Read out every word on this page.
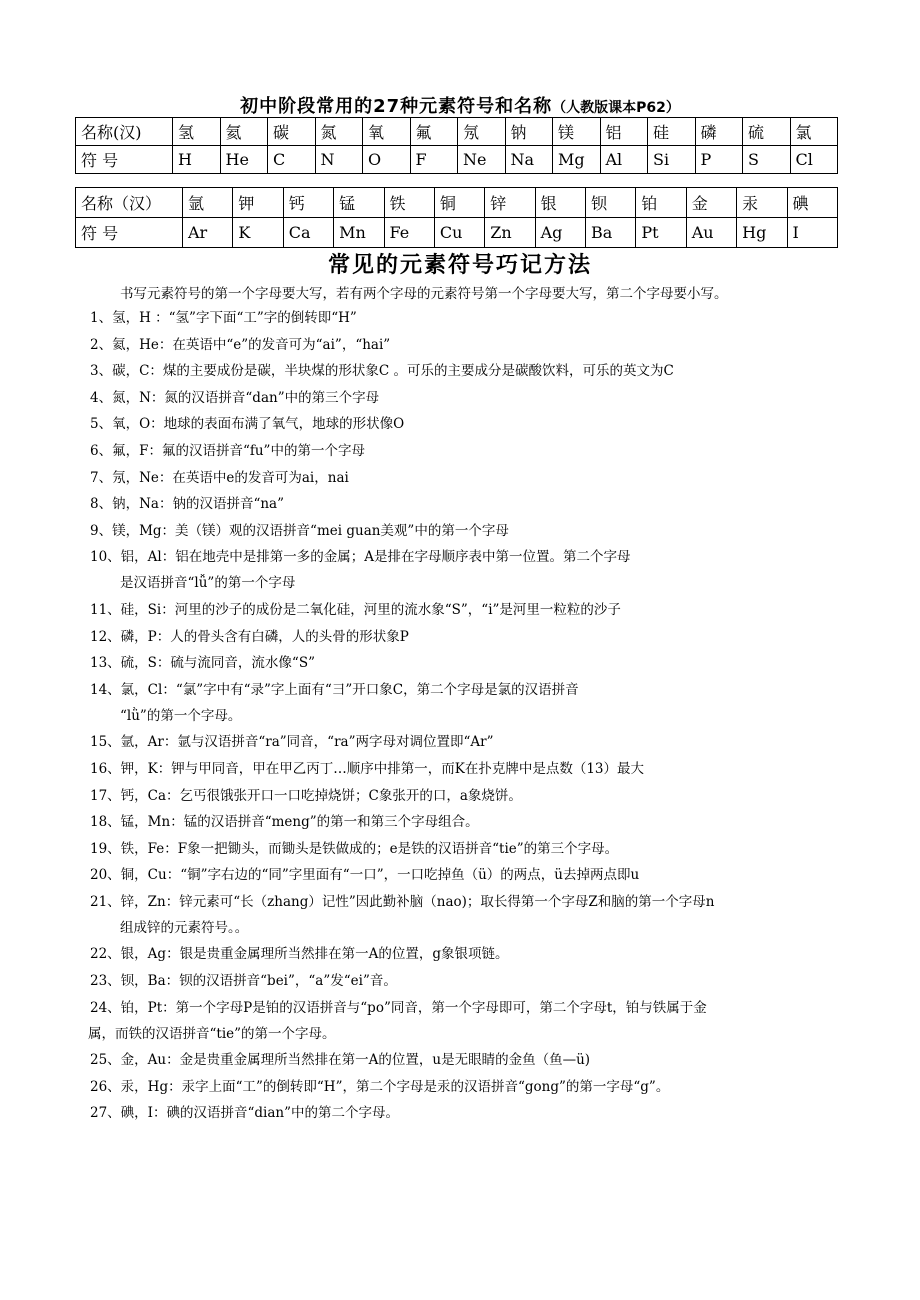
初中阶段常用的27种元素符号和名称（人教版课本P62）
名称(汉)	氢	氦	碳	氮	氧	氟	氖	钠	镁	铝	硅	磷	硫	氯
符 号	H	He	C	N	O	F	Ne	Na	Mg	Al	Si	P	S	Cl
名称（汉）	氩	钾	钙	锰	铁	铜	锌	银	钡	铂	金	汞	碘
符 号	Ar	K	Ca	Mn	Fe	Cu	Zn	Ag	Ba	Pt	Au	Hg	I
常见的元素符号巧记方法
书写元素符号的第一个字母要大写，若有两个字母的元素符号第一个字母要大写，第二个字母要小写。
1、氢，H ：“氢”字下面“工”字的倒转即“H”
2、氦，He：在英语中“e”的发音可为“ai”，“hai”
3、碳，C：煤的主要成份是碳，半块煤的形状象C 。可乐的主要成分是碳酸饮料，可乐的英文为C
4、氮，N：氮的汉语拼音“dan”中的第三个字母
5、氧，O：地球的表面布满了氧气，地球的形状像O
6、氟，F：氟的汉语拼音“fu”中的第一个字母
7、氖，Ne：在英语中e的发音可为ai，nai
8、钠，Na：钠的汉语拼音“na”
9、镁，Mg：美（镁）观的汉语拼音“mei guan美观”中的第一个字母
10、铝，Al：铝在地壳中是排第一多的金属；A是排在字母顺序表中第一位置。第二个字母
是汉语拼音“lǚ”的第一个字母
11、硅，Si：河里的沙子的成份是二氧化硅，河里的流水象“S”，“i”是河里一粒粒的沙子
12、磷，P：人的骨头含有白磷，人的头骨的形状象P
13、硫，S：硫与流同音，流水像“S”
14、氯，Cl：“氯”字中有“录”字上面有“彐”开口象C，第二个字母是氯的汉语拼音
“lǜ”的第一个字母。
15、氩，Ar：氩与汉语拼音“ra”同音，“ra”两字母对调位置即“Ar”
16、钾，K：钾与甲同音，甲在甲乙丙丁…顺序中排第一，而K在扑克牌中是点数（13）最大
17、钙，Ca：乞丐很饿张开口一口吃掉烧饼；C象张开的口，a象烧饼。
18、锰，Mn：锰的汉语拼音“meng”的第一和第三个字母组合。
19、铁，Fe：F象一把锄头，而锄头是铁做成的；e是铁的汉语拼音“tie”的第三个字母。
20、铜，Cu：“铜”字右边的“同”字里面有“一口”，一口吃掉鱼（ü）的两点，ü去掉两点即u
21、锌，Zn：锌元素可“长（zhang）记性”因此勤补脑（nao)；取长得第一个字母Z和脑的第一个字母n
组成锌的元素符号。。
22、银，Ag：银是贵重金属理所当然排在第一A的位置，g象银项链。
23、钡，Ba：钡的汉语拼音“bei”，“a”发“ei”音。
24、铂，Pt：第一个字母P是铂的汉语拼音与“po”同音，第一个字母即可，第二个字母t，铂与铁属于金
属，而铁的汉语拼音“tie”的第一个字母。
25、金，Au：金是贵重金属理所当然排在第一A的位置，u是无眼睛的金鱼（鱼—ü)
26、汞，Hg：汞字上面“工”的倒转即“H”，第二个字母是汞的汉语拼音“gong”的第一字母“g”。
27、碘，I：碘的汉语拼音“dian”中的第二个字母。
